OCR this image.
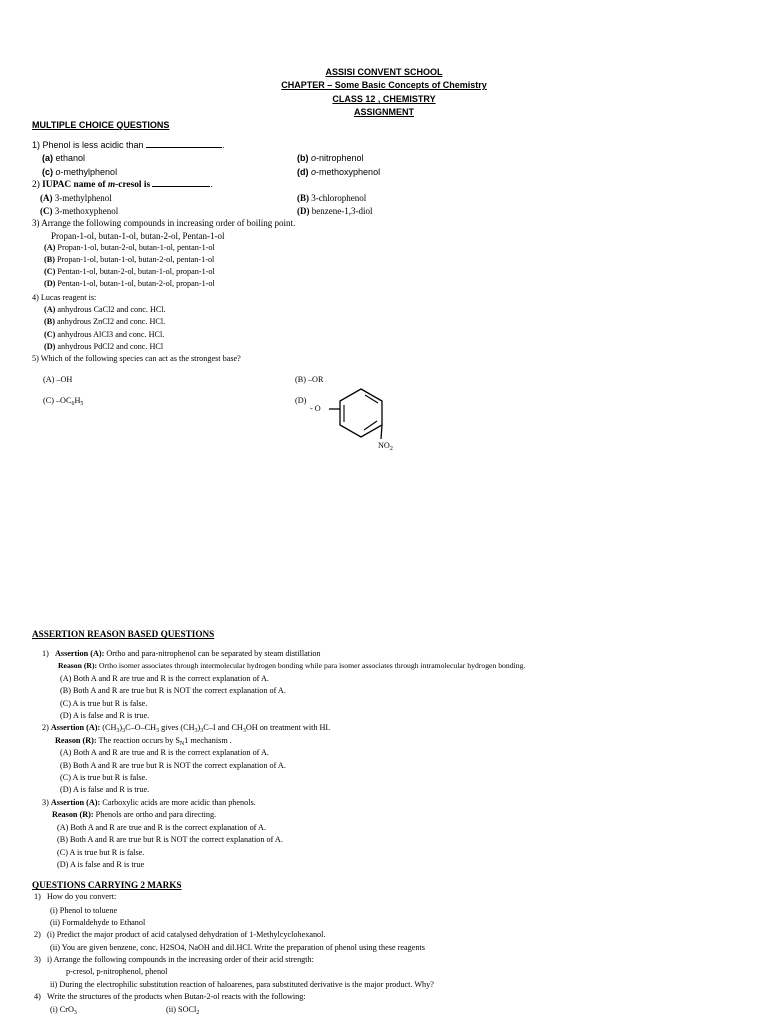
ASSISI CONVENT SCHOOL
CHAPTER – Some Basic Concepts of Chemistry
CLASS 12 , CHEMISTRY
ASSIGNMENT
MULTIPLE CHOICE QUESTIONS
1) Phenol is less acidic than	.
(a) ethanol	(b) o-nitrophenol
(c) o-methylphenol	(d) o-methoxyphenol
2) IUPAC name of m-cresol is	.
(A) 3-methylphenol	(B) 3-chlorophenol
(C) 3-methoxyphenol	(D) benzene-1,3-diol
3) Arrange the following compounds in increasing order of boiling point.
Propan-1-ol, butan-1-ol, butan-2-ol, Pentan-1-ol
(A) Propan-1-ol, butan-2-ol, butan-1-ol, pentan-1-ol
(B) Propan-1-ol, butan-1-ol, butan-2-ol, pentan-1-ol
(C) Pentan-1-ol, butan-2-ol, butan-1-ol, propan-1-ol
(D) Pentan-1-ol, butan-1-ol, butan-2-ol, propan-1-ol
4) Lucas reagent is:
(A) anhydrous CaCl2 and conc. HCl.
(B) anhydrous ZnCl2 and conc. HCl.
(C) anhydrous AlCl3 and conc. HCl.
(D) anhydrous PdCl2 and conc. HCl
5) Which of the following species can act as the strongest base?
(A) –OH	(B) –OR
(C) $-OC_6H_5$	(D)
- O
$NO_2$
ASSERTION REASON BASED QUESTIONS
1) Assertion (A): Ortho and para-nitrophenol can be separated by steam distillation
Reason (R): Ortho isomer associates through intermolecular hydrogen bonding while para isomer associates through intramolecular hydrogen bonding.
(A) Both A and R are true and R is the correct explanation of A.
(B) Both A and R are true but R is NOT the correct explanation of A.
(C) A is true but R is false.
(D) A is false and R is true.
2) Assertion (A): $(CH_3)_3C-O-CH_3$ gives $(CH_3)_3C-I$ and $CH_3OH$ on treatment with HI.
Reason (R): The reaction occurs by $S_N1$ mechanism .
(A) Both A and R are true and R is the correct explanation of A.
(B) Both A and R are true but R is NOT the correct explanation of A.
(C) A is true but R is false.
(D) A is false and R is true.
3) Assertion (A): Carboxylic acids are more acidic than phenols.
Reason (R): Phenols are ortho and para directing.
(A) Both A and R are true and R is the correct explanation of A.
(B) Both A and R are true but R is NOT the correct explanation of A.
(C) A is true but R is false.
(D) A is false and R is true
QUESTIONS CARRYING 2 MARKS
1) How do you convert:
(i) Phenol to toluene
(ii) Formaldehyde to Ethanol
2) (i) Predict the major product of acid catalysed dehydration of 1-Methylcyclohexanol.
(ii) You are given benzene, conc. H2SO4, NaOH and dil.HCl. Write the preparation of phenol using these reagents
3) i) Arrange the following compounds in the increasing order of their acid strength:
p-cresol, p-nitrophenol, phenol
ii) During the electrophilic substitution reaction of haloarenes, para substituted derivative is the major product. Why?
4) Write the structures of the products when Butan-2-ol reacts with the following:
(i) CrO$_3$	(ii) SOCl$_2$
